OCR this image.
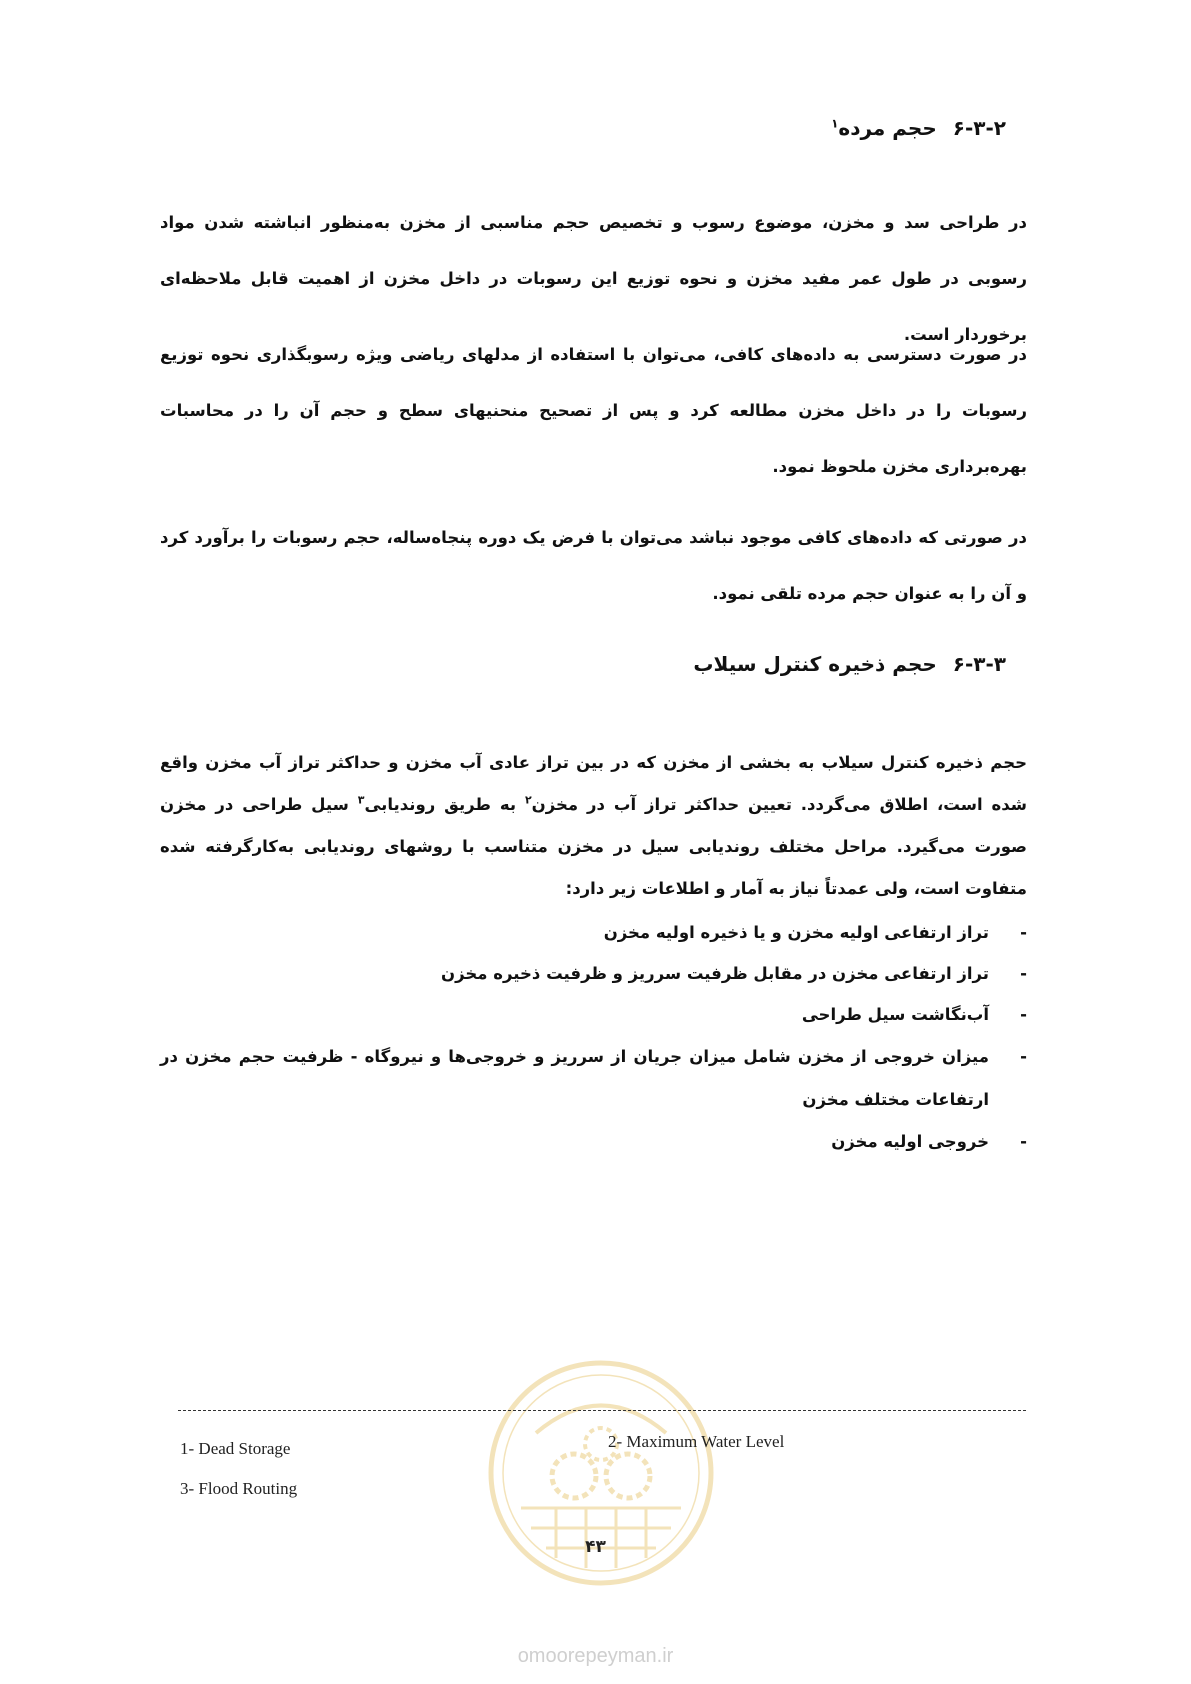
۶-۳-۲حجم مرده$^۱$

در طراحی سد و مخزن، موضوع رسوب و تخصیص حجم مناسبی از مخزن به‌منظور انباشته شدن مواد رسوبی در طول عمر مفید مخزن و نحوه توزیع این رسوبات در داخل مخزن از اهمیت قابل ملاحظه‌ای برخوردار است.

در صورت دسترسی به داده‌های کافی، می‌توان با استفاده از مدلهای ریاضی ویژه رسوبگذاری نحوه توزیع رسوبات را در داخل مخزن مطالعه کرد و پس از تصحیح منحنیهای سطح و حجم آن را در محاسبات بهره‌برداری مخزن ملحوظ نمود.

در صورتی که داده‌های کافی موجود نباشد می‌توان با فرض یک دوره پنجاه‌ساله، حجم رسوبات را برآورد کرد و آن را به عنوان حجم مرده تلقی نمود.

۶-۳-۳حجم ذخیره کنترل سیلاب

حجم ذخیره کنترل سیلاب به بخشی از مخزن که در بین تراز عادی آب مخزن و حداکثر تراز آب مخزن واقع شده است، اطلاق می‌گردد. تعیین حداکثر تراز آب در مخزن$^۲$ به طریق روندیابی$^۳$ سیل طراحی در مخزن صورت می‌گیرد. مراحل مختلف روندیابی سیل در مخزن متناسب با روشهای روندیابی به‌کارگرفته شده متفاوت است، ولی عمدتاً نیاز به آمار و اطلاعات زیر دارد:

-
تراز ارتفاعی اولیه مخزن و یا ذخیره اولیه مخزن
-
تراز ارتفاعی مخزن در مقابل ظرفیت سرریز و ظرفیت ذخیره مخزن
-
آب‌نگاشت سیل طراحی
-
میزان خروجی از مخزن شامل میزان جریان از سرریز و خروجی‌ها و نیروگاه - ظرفیت حجم مخزن در ارتفاعات مختلف مخزن
-
خروجی اولیه مخزن
1- Dead Storage	2- Maximum Water Level
3- Flood Routing
۴۳
omoorepeyman.ir
